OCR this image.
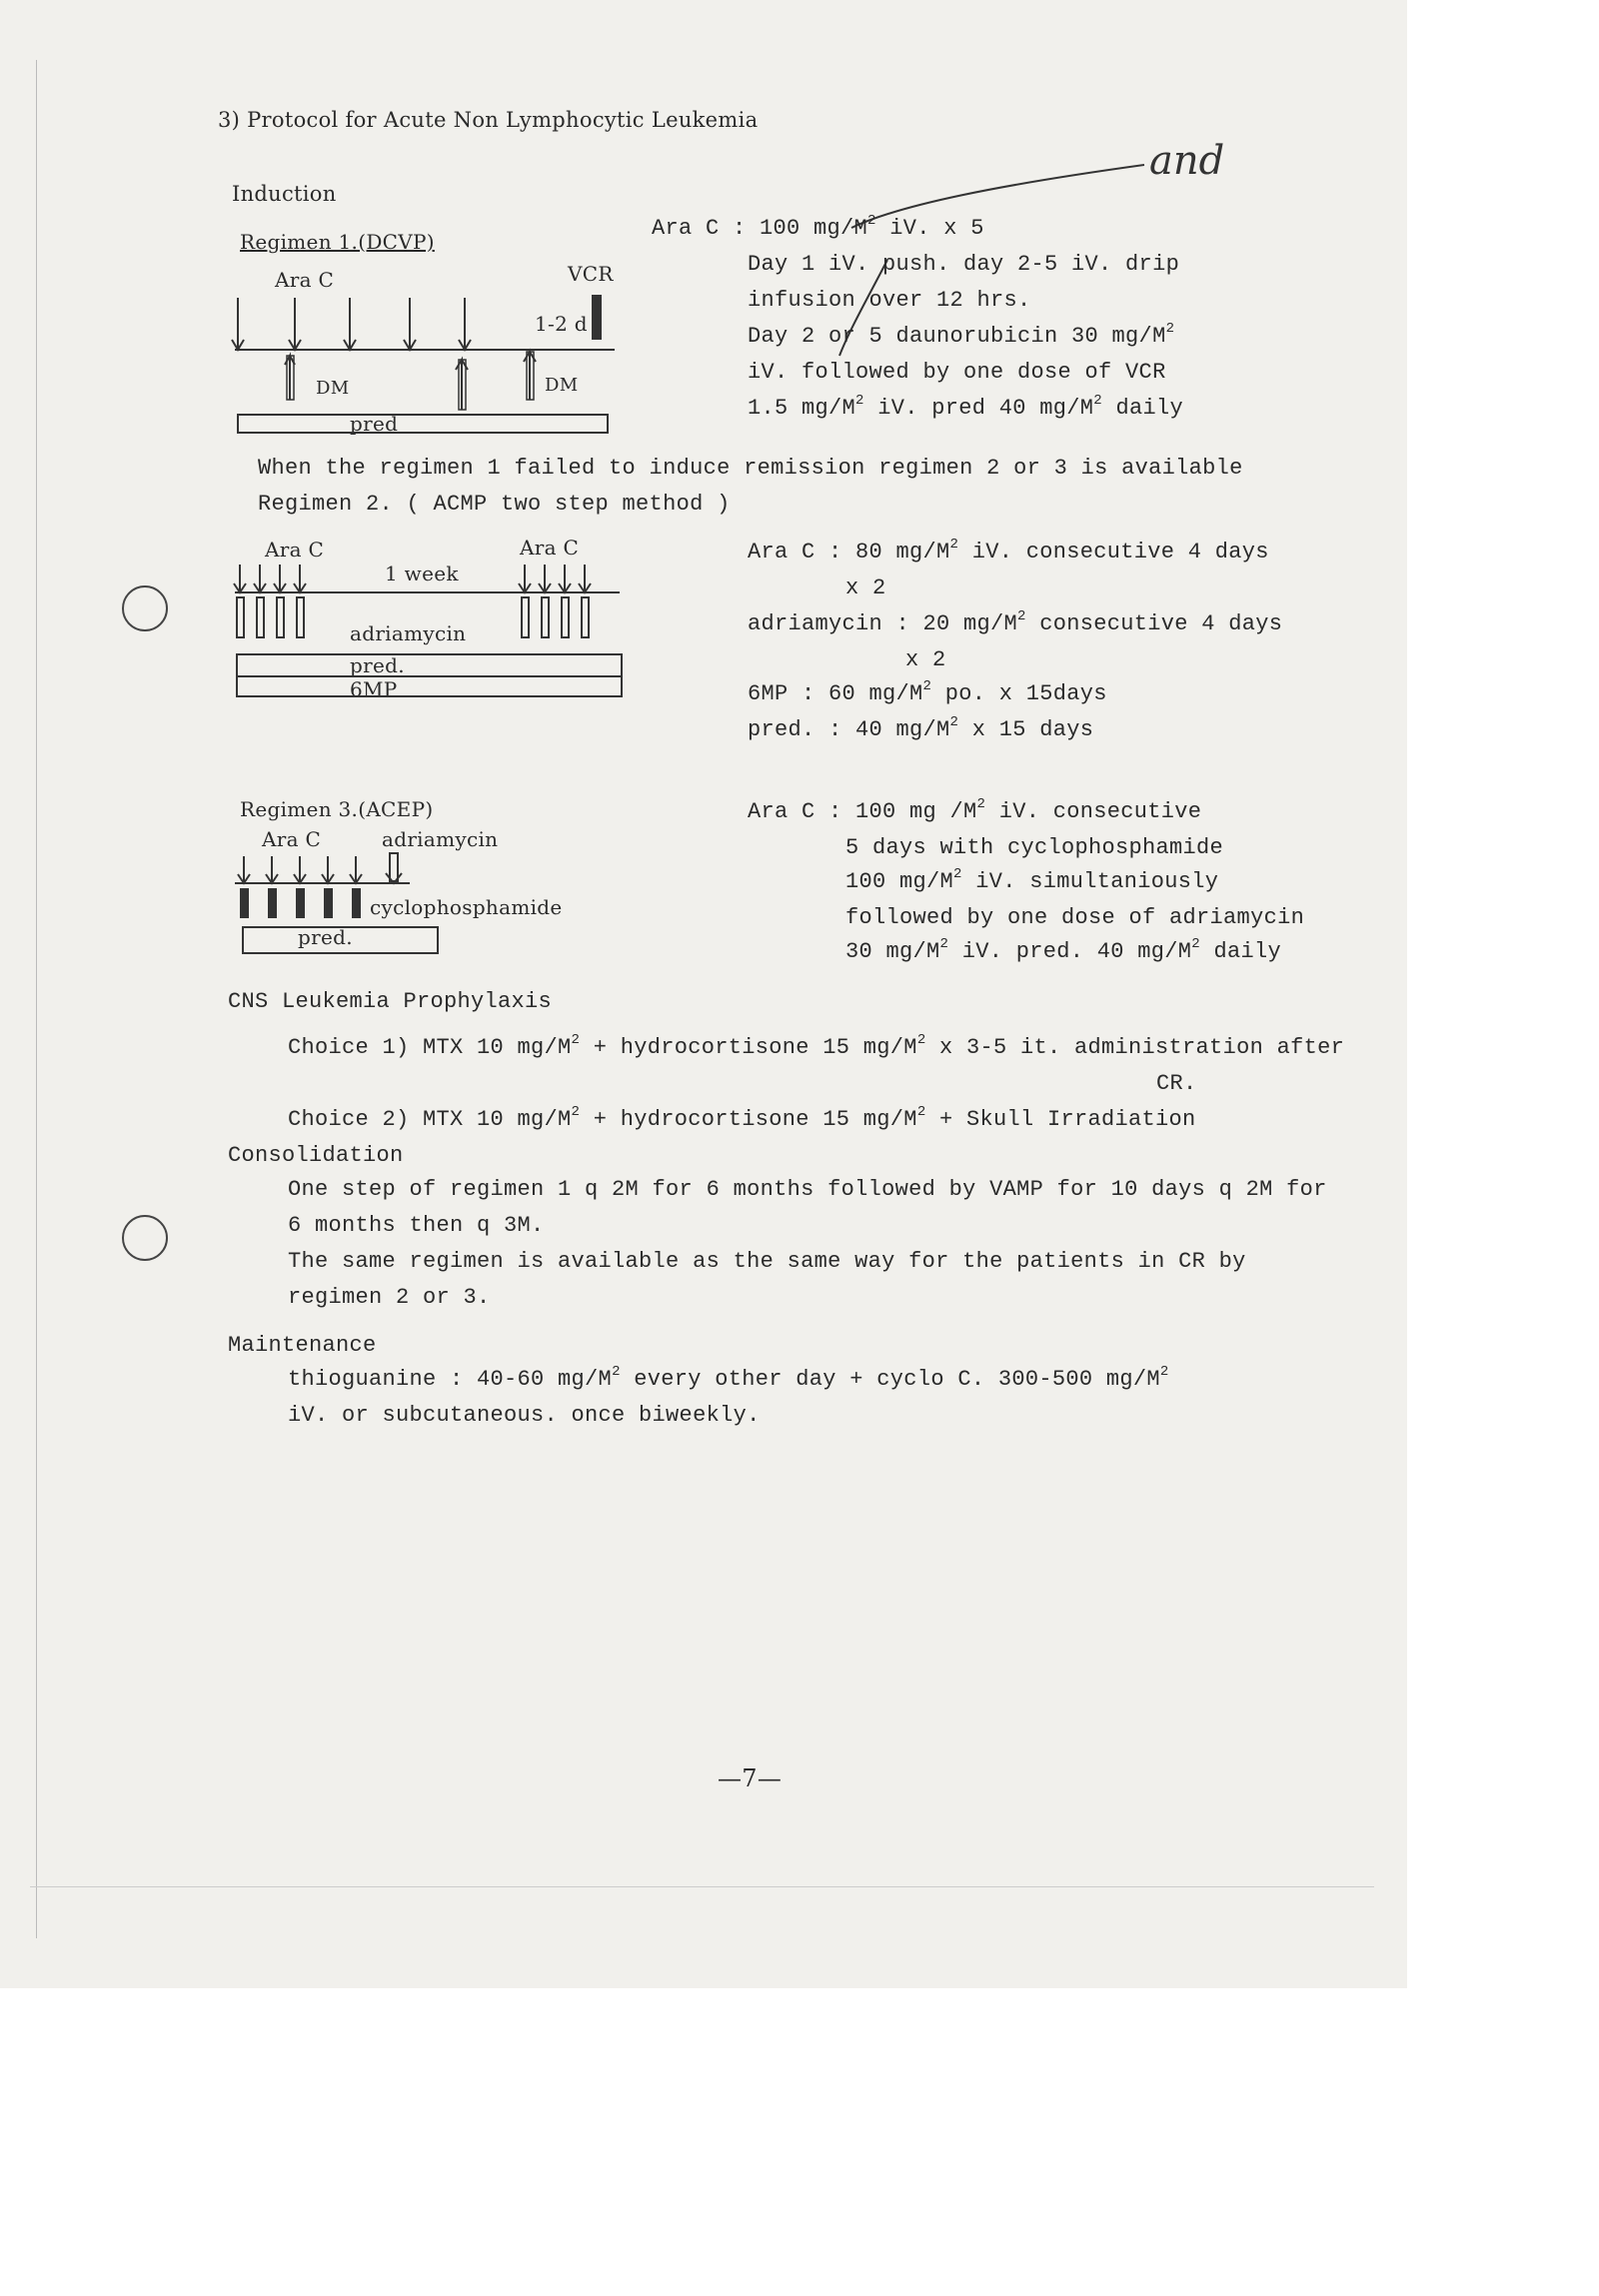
and
3) Protocol for Acute Non Lymphocytic Leukemia
Induction
Regimen 1.(DCVP)
Ara C	VCR
1-2 d
DM	DM
pred
Ara C : 100 $mg/M^2$ iV. x 5
Day 1 iV. push. day 2-5 iV. drip
infusion over 12 hrs.
Day 2 or 5 daunorubicin 30 $mg/M^2$
iV. followed by one dose of VCR
1.5 $mg/M^2$ iV. pred 40 $mg/M^2$ daily
When the regimen 1 failed to induce remission regimen 2 or 3 is available
Regimen 2. ( ACMP two step method )
Ara C	Ara C
1 week
adriamycin
pred.
6MP
Ara C : 80 $mg/M^2$ iV. consecutive 4 days
x 2
adriamycin : 20 $mg/M^2$ consecutive 4 days
x 2
6MP : 60 $mg/M^2$ po. x 15days
pred. : 40 $mg/M^2$ x 15 days
Regimen 3.(ACEP)
Ara C	adriamycin
cyclophosphamide
pred.
Ara C : 100 mg $/M^2$ iV. consecutive
5 days with cyclophosphamide
100 $mg/M^2$ iV. simultaniously
followed by one dose of adriamycin
30 $mg/M^2$ iV. pred. 40 $mg/M^2$ daily
CNS Leukemia Prophylaxis
Choice 1) MTX 10 $mg/M^2$ + hydrocortisone 15 $mg/M^2$ x 3-5 it. administration after
CR.
Choice 2) MTX 10 $mg/M^2$ + hydrocortisone 15 $mg/M^2$ + Skull Irradiation
Consolidation
One step of regimen 1 q 2M for 6 months followed by VAMP for 10 days q 2M for
6 months then q 3M.
The same regimen is available as the same way for the patients in CR by
regimen 2 or 3.
Maintenance
thioguanine : 40-60 $mg/M^2$ every other day + cyclo C. 300-500 $mg/M^2$
iV. or subcutaneous. once biweekly.
—7—
